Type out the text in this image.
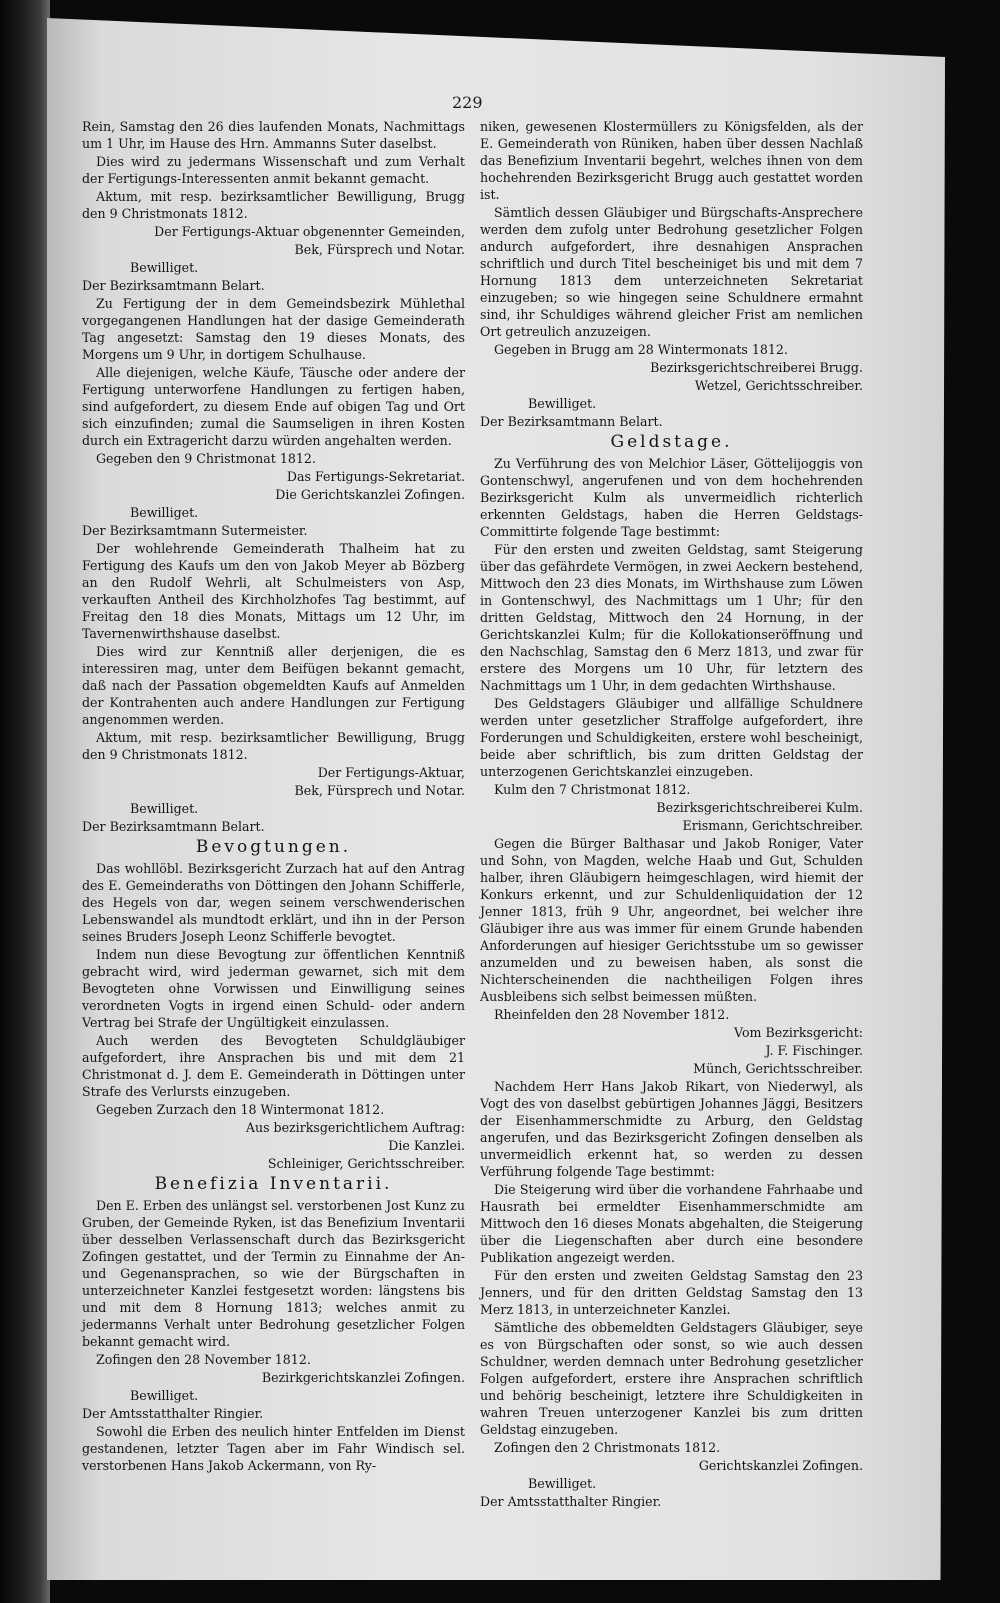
229

Rein, Samstag den 26 dies laufenden Monats, Nachmittags um 1 Uhr, im Hause des Hrn. Ammanns Suter daselbst.

Dies wird zu jedermans Wissenschaft und zum Verhalt der Fertigungs-Interessenten anmit bekannt gemacht.

Aktum, mit resp. bezirksamtlicher Bewilligung, Brugg den 9 Christmonats 1812.

Der Fertigungs-Aktuar obgenennter Gemeinden,
Bek, Fürsprech und Notar.
Bewilliget.
Der Bezirksamtmann Belart.

Zu Fertigung der in dem Gemeindsbezirk Mühlethal vorgegangenen Handlungen hat der dasige Gemeinderath Tag angesetzt: Samstag den 19 dieses Monats, des Morgens um 9 Uhr, in dortigem Schulhause.

Alle diejenigen, welche Käufe, Täusche oder andere der Fertigung unterworfene Handlungen zu fertigen haben, sind aufgefordert, zu diesem Ende auf obigen Tag und Ort sich einzufinden; zumal die Saumseligen in ihren Kosten durch ein Extragericht darzu würden angehalten werden.

Gegeben den 9 Christmonat 1812.

Das Fertigungs-Sekretariat.
Die Gerichtskanzlei Zofingen.
Bewilliget.
Der Bezirksamtmann Sutermeister.

Der wohlehrende Gemeinderath Thalheim hat zu Fertigung des Kaufs um den von Jakob Meyer ab Bözberg an den Rudolf Wehrli, alt Schulmeisters von Asp, verkauften Antheil des Kirchholzhofes Tag bestimmt, auf Freitag den 18 dies Monats, Mittags um 12 Uhr, im Tavernenwirthshause daselbst.

Dies wird zur Kenntniß aller derjenigen, die es interessiren mag, unter dem Beifügen bekannt gemacht, daß nach der Passation obgemeldten Kaufs auf Anmelden der Kontrahenten auch andere Handlungen zur Fertigung angenommen werden.

Aktum, mit resp. bezirksamtlicher Bewilligung, Brugg den 9 Christmonats 1812.

Der Fertigungs-Aktuar,
Bek, Fürsprech und Notar.
Bewilliget.
Der Bezirksamtmann Belart.
Bevogtungen.

Das wohllöbl. Bezirksgericht Zurzach hat auf den Antrag des E. Gemeinderaths von Döttingen den Johann Schifferle, des Hegels von dar, wegen seinem verschwenderischen Lebenswandel als mundtodt erklärt, und ihn in der Person seines Bruders Joseph Leonz Schifferle bevogtet.

Indem nun diese Bevogtung zur öffentlichen Kenntniß gebracht wird, wird jederman gewarnet, sich mit dem Bevogteten ohne Vorwissen und Einwilligung seines verordneten Vogts in irgend einen Schuld- oder andern Vertrag bei Strafe der Ungültigkeit einzulassen.

Auch werden des Bevogteten Schuldgläubiger aufgefordert, ihre Ansprachen bis und mit dem 21 Christmonat d. J. dem E. Gemeinderath in Döttingen unter Strafe des Verlursts einzugeben.

Gegeben Zurzach den 18 Wintermonat 1812.

Aus bezirksgerichtlichem Auftrag:
Die Kanzlei.
Schleiniger, Gerichtsschreiber.
Benefizia Inventarii.

Den E. Erben des unlängst sel. verstorbenen Jost Kunz zu Gruben, der Gemeinde Ryken, ist das Benefizium Inventarii über desselben Verlassenschaft durch das Bezirksgericht Zofingen gestattet, und der Termin zu Einnahme der An- und Gegenansprachen, so wie der Bürgschaften in unterzeichneter Kanzlei festgesetzt worden: längstens bis und mit dem 8 Hornung 1813; welches anmit zu jedermanns Verhalt unter Bedrohung gesetzlicher Folgen bekannt gemacht wird.

Zofingen den 28 November 1812.

Bezirkgerichtskanzlei Zofingen.
Bewilliget.
Der Amtsstatthalter Ringier.

Sowohl die Erben des neulich hinter Entfelden im Dienst gestandenen, letzter Tagen aber im Fahr Windisch sel. verstorbenen Hans Jakob Ackermann, von Ry-

niken, gewesenen Klostermüllers zu Königsfelden, als der E. Gemeinderath von Rüniken, haben über dessen Nachlaß das Benefizium Inventarii begehrt, welches ihnen von dem hochehrenden Bezirksgericht Brugg auch gestattet worden ist.

Sämtlich dessen Gläubiger und Bürgschafts-Ansprechere werden dem zufolg unter Bedrohung gesetzlicher Folgen andurch aufgefordert, ihre desnahigen Ansprachen schriftlich und durch Titel bescheiniget bis und mit dem 7 Hornung 1813 dem unterzeichneten Sekretariat einzugeben; so wie hingegen seine Schuldnere ermahnt sind, ihr Schuldiges während gleicher Frist am nemlichen Ort getreulich anzuzeigen.

Gegeben in Brugg am 28 Wintermonats 1812.

Bezirksgerichtschreiberei Brugg.
Wetzel, Gerichtsschreiber.
Bewilliget.
Der Bezirksamtmann Belart.
Geldstage.

Zu Verführung des von Melchior Läser, Göttelijoggis von Gontenschwyl, angerufenen und von dem hochehrenden Bezirksgericht Kulm als unvermeidlich richterlich erkennten Geldstags, haben die Herren Geldstags-Committirte folgende Tage bestimmt:

Für den ersten und zweiten Geldstag, samt Steigerung über das gefährdete Vermögen, in zwei Aeckern bestehend, Mittwoch den 23 dies Monats, im Wirthshause zum Löwen in Gontenschwyl, des Nachmittags um 1 Uhr; für den dritten Geldstag, Mittwoch den 24 Hornung, in der Gerichtskanzlei Kulm; für die Kollokationseröffnung und den Nachschlag, Samstag den 6 Merz 1813, und zwar für erstere des Morgens um 10 Uhr, für letztern des Nachmittags um 1 Uhr, in dem gedachten Wirthshause.

Des Geldstagers Gläubiger und allfällige Schuldnere werden unter gesetzlicher Straffolge aufgefordert, ihre Forderungen und Schuldigkeiten, erstere wohl bescheinigt, beide aber schriftlich, bis zum dritten Geldstag der unterzogenen Gerichtskanzlei einzugeben.

Kulm den 7 Christmonat 1812.

Bezirksgerichtschreiberei Kulm.
Erismann, Gerichtschreiber.

Gegen die Bürger Balthasar und Jakob Roniger, Vater und Sohn, von Magden, welche Haab und Gut, Schulden halber, ihren Gläubigern heimgeschlagen, wird hiemit der Konkurs erkennt, und zur Schuldenliquidation der 12 Jenner 1813, früh 9 Uhr, angeordnet, bei welcher ihre Gläubiger ihre aus was immer für einem Grunde habenden Anforderungen auf hiesiger Gerichtsstube um so gewisser anzumelden und zu beweisen haben, als sonst die Nichterscheinenden die nachtheiligen Folgen ihres Ausbleibens sich selbst beimessen müßten.

Rheinfelden den 28 November 1812.

Vom Bezirksgericht:
J. F. Fischinger.
Münch, Gerichtsschreiber.

Nachdem Herr Hans Jakob Rikart, von Niederwyl, als Vogt des von daselbst gebürtigen Johannes Jäggi, Besitzers der Eisenhammerschmidte zu Arburg, den Geldstag angerufen, und das Bezirksgericht Zofingen denselben als unvermeidlich erkennt hat, so werden zu dessen Verführung folgende Tage bestimmt:

Die Steigerung wird über die vorhandene Fahrhaabe und Hausrath bei ermeldter Eisenhammerschmidte am Mittwoch den 16 dieses Monats abgehalten, die Steigerung über die Liegenschaften aber durch eine besondere Publikation angezeigt werden.

Für den ersten und zweiten Geldstag Samstag den 23 Jenners, und für den dritten Geldstag Samstag den 13 Merz 1813, in unterzeichneter Kanzlei.

Sämtliche des obbemeldten Geldstagers Gläubiger, seye es von Bürgschaften oder sonst, so wie auch dessen Schuldner, werden demnach unter Bedrohung gesetzlicher Folgen aufgefordert, erstere ihre Ansprachen schriftlich und behörig bescheinigt, letztere ihre Schuldigkeiten in wahren Treuen unterzogener Kanzlei bis zum dritten Geldstag einzugeben.

Zofingen den 2 Christmonats 1812.

Gerichtskanzlei Zofingen.
Bewilliget.
Der Amtsstatthalter Ringier.
